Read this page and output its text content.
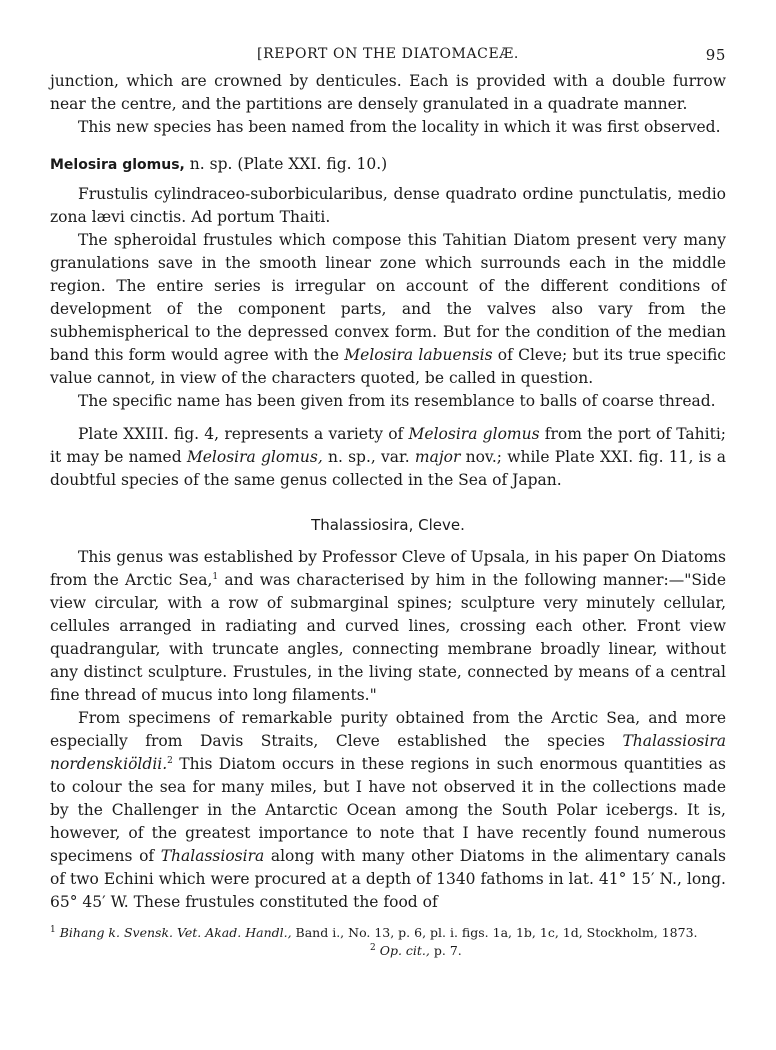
[REPORT ON THE DIATOMACEÆ.	95

junction, which are crowned by denticules. Each is provided with a double furrow near the centre, and the partitions are densely granulated in a quadrate manner.

This new species has been named from the locality in which it was first observed.

Melosira glomus, n. sp. (Plate XXI. fig. 10.)

Frustulis cylindraceo-suborbicularibus, dense quadrato ordine punctulatis, medio zona lævi cinctis. Ad portum Thaiti.

The spheroidal frustules which compose this Tahitian Diatom present very many granulations save in the smooth linear zone which surrounds each in the middle region. The entire series is irregular on account of the different conditions of development of the component parts, and the valves also vary from the subhemispherical to the depressed convex form. But for the condition of the median band this form would agree with the Melosira labuensis of Cleve; but its true specific value cannot, in view of the characters quoted, be called in question.

The specific name has been given from its resemblance to balls of coarse thread.

Plate XXIII. fig. 4, represents a variety of Melosira glomus from the port of Tahiti; it may be named Melosira glomus, n. sp., var. major nov.; while Plate XXI. fig. 11, is a doubtful species of the same genus collected in the Sea of Japan.

Thalassiosira, Cleve.

This genus was established by Professor Cleve of Upsala, in his paper On Diatoms from the Arctic Sea,$^1$ and was characterised by him in the following manner:—"Side view circular, with a row of submarginal spines; sculpture very minutely cellular, cellules arranged in radiating and curved lines, crossing each other. Front view quadrangular, with truncate angles, connecting membrane broadly linear, without any distinct sculpture. Frustules, in the living state, connected by means of a central fine thread of mucus into long filaments."

From specimens of remarkable purity obtained from the Arctic Sea, and more especially from Davis Straits, Cleve established the species Thalassiosira nordenskiöldii.$^2$ This Diatom occurs in these regions in such enormous quantities as to colour the sea for many miles, but I have not observed it in the collections made by the Challenger in the Antarctic Ocean among the South Polar icebergs. It is, however, of the greatest importance to note that I have recently found numerous specimens of Thalassiosira along with many other Diatoms in the alimentary canals of two Echini which were procured at a depth of 1340 fathoms in lat. 41° 15′ N., long. 65° 45′ W. These frustules constituted the food of

$^1$ Bihang k. Svensk. Vet. Akad. Handl., Band i., No. 13, p. 6, pl. i. figs. 1a, 1b, 1c, 1d, Stockholm, 1873.
$^2$ Op. cit., p. 7.
